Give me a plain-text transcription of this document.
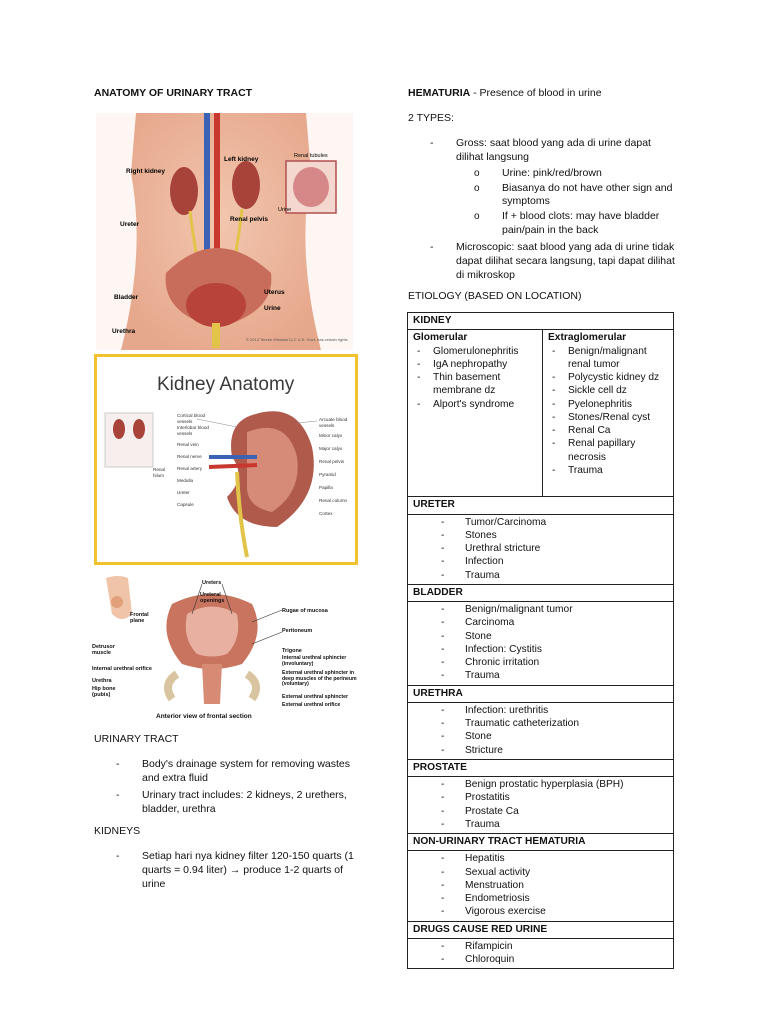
ANATOMY OF URINARY TRACT
Right kidney
Left kidney	Renal tubules
Ureter
Renal pelvis
Urine
Bladder
Uterus
Urine
Urethra
© 2013 Terese Winslow LLC U.S. Govt. has certain rights
Kidney Anatomy
Cortical blood vessels
Interlobar blood vessels
Renal vein
Renal nerve
Renal artery
Medulla
Ureter
Capsule
Renal hilum
Arcuate blood vessels
Minor calyx
Major calyx
Renal pelvis
Pyramid
Papilla
Renal column
Cortex
Frontal plane
Detrusor muscle
Internal urethral orifice
Urethra
Hip bone (pubis)
Ureters
Ureteral openings
Rugae of mucosa
Peritoneum
Trigone
Internal urethral sphincter (involuntary)
External urethral sphincter in deep muscles of the perineum (voluntary)
External urethral sphincter
External urethral orifice
Anterior view of frontal section
URINARY TRACT
- Body's drainage system for removing wastes and extra fluid
- Urinary tract includes: 2 kidneys, 2 urethers, bladder, urethra
KIDNEYS
- Setiap hari nya kidney filter 120-150 quarts (1 quarts = 0.94 liter) → produce 1-2 quarts of urine
HEMATURIA - Presence of blood in urine
2 TYPES:
- Gross: saat blood yang ada di urine dapat dilihat langsung
o Urine: pink/red/brown
o Biasanya do not have other sign and symptoms
o If + blood clots: may have bladder pain/pain in the back
- Microscopic: saat blood yang ada di urine tidak dapat dilihat secara langsung, tapi dapat dilihat di mikroskop
ETIOLOGY (BASED ON LOCATION)
KIDNEY

Glomerular
- Glomerulonephritis
- IgA nephropathy
- Thin basement membrane dz
- Alport's syndrome

Extraglomerular
- Benign/malignant renal tumor
- Polycystic kidney dz
- Sickle cell dz
- Pyelonephritis
- Stones/Renal cyst
- Renal Ca
- Renal papillary necrosis
- Trauma

URETER

- Tumor/Carcinoma
- Stones
- Urethral stricture
- Infection
- Trauma

BLADDER

- Benign/malignant tumor
- Carcinoma
- Stone
- Infection: Cystitis
- Chronic irritation
- Trauma

URETHRA

- Infection: urethritis
- Traumatic catheterization
- Stone
- Stricture

PROSTATE

- Benign prostatic hyperplasia (BPH)
- Prostatitis
- Prostate Ca
- Trauma

NON-URINARY TRACT HEMATURIA

- Hepatitis
- Sexual activity
- Menstruation
- Endometriosis
- Vigorous exercise

DRUGS CAUSE RED URINE

- Rifampicin
- Chloroquin
